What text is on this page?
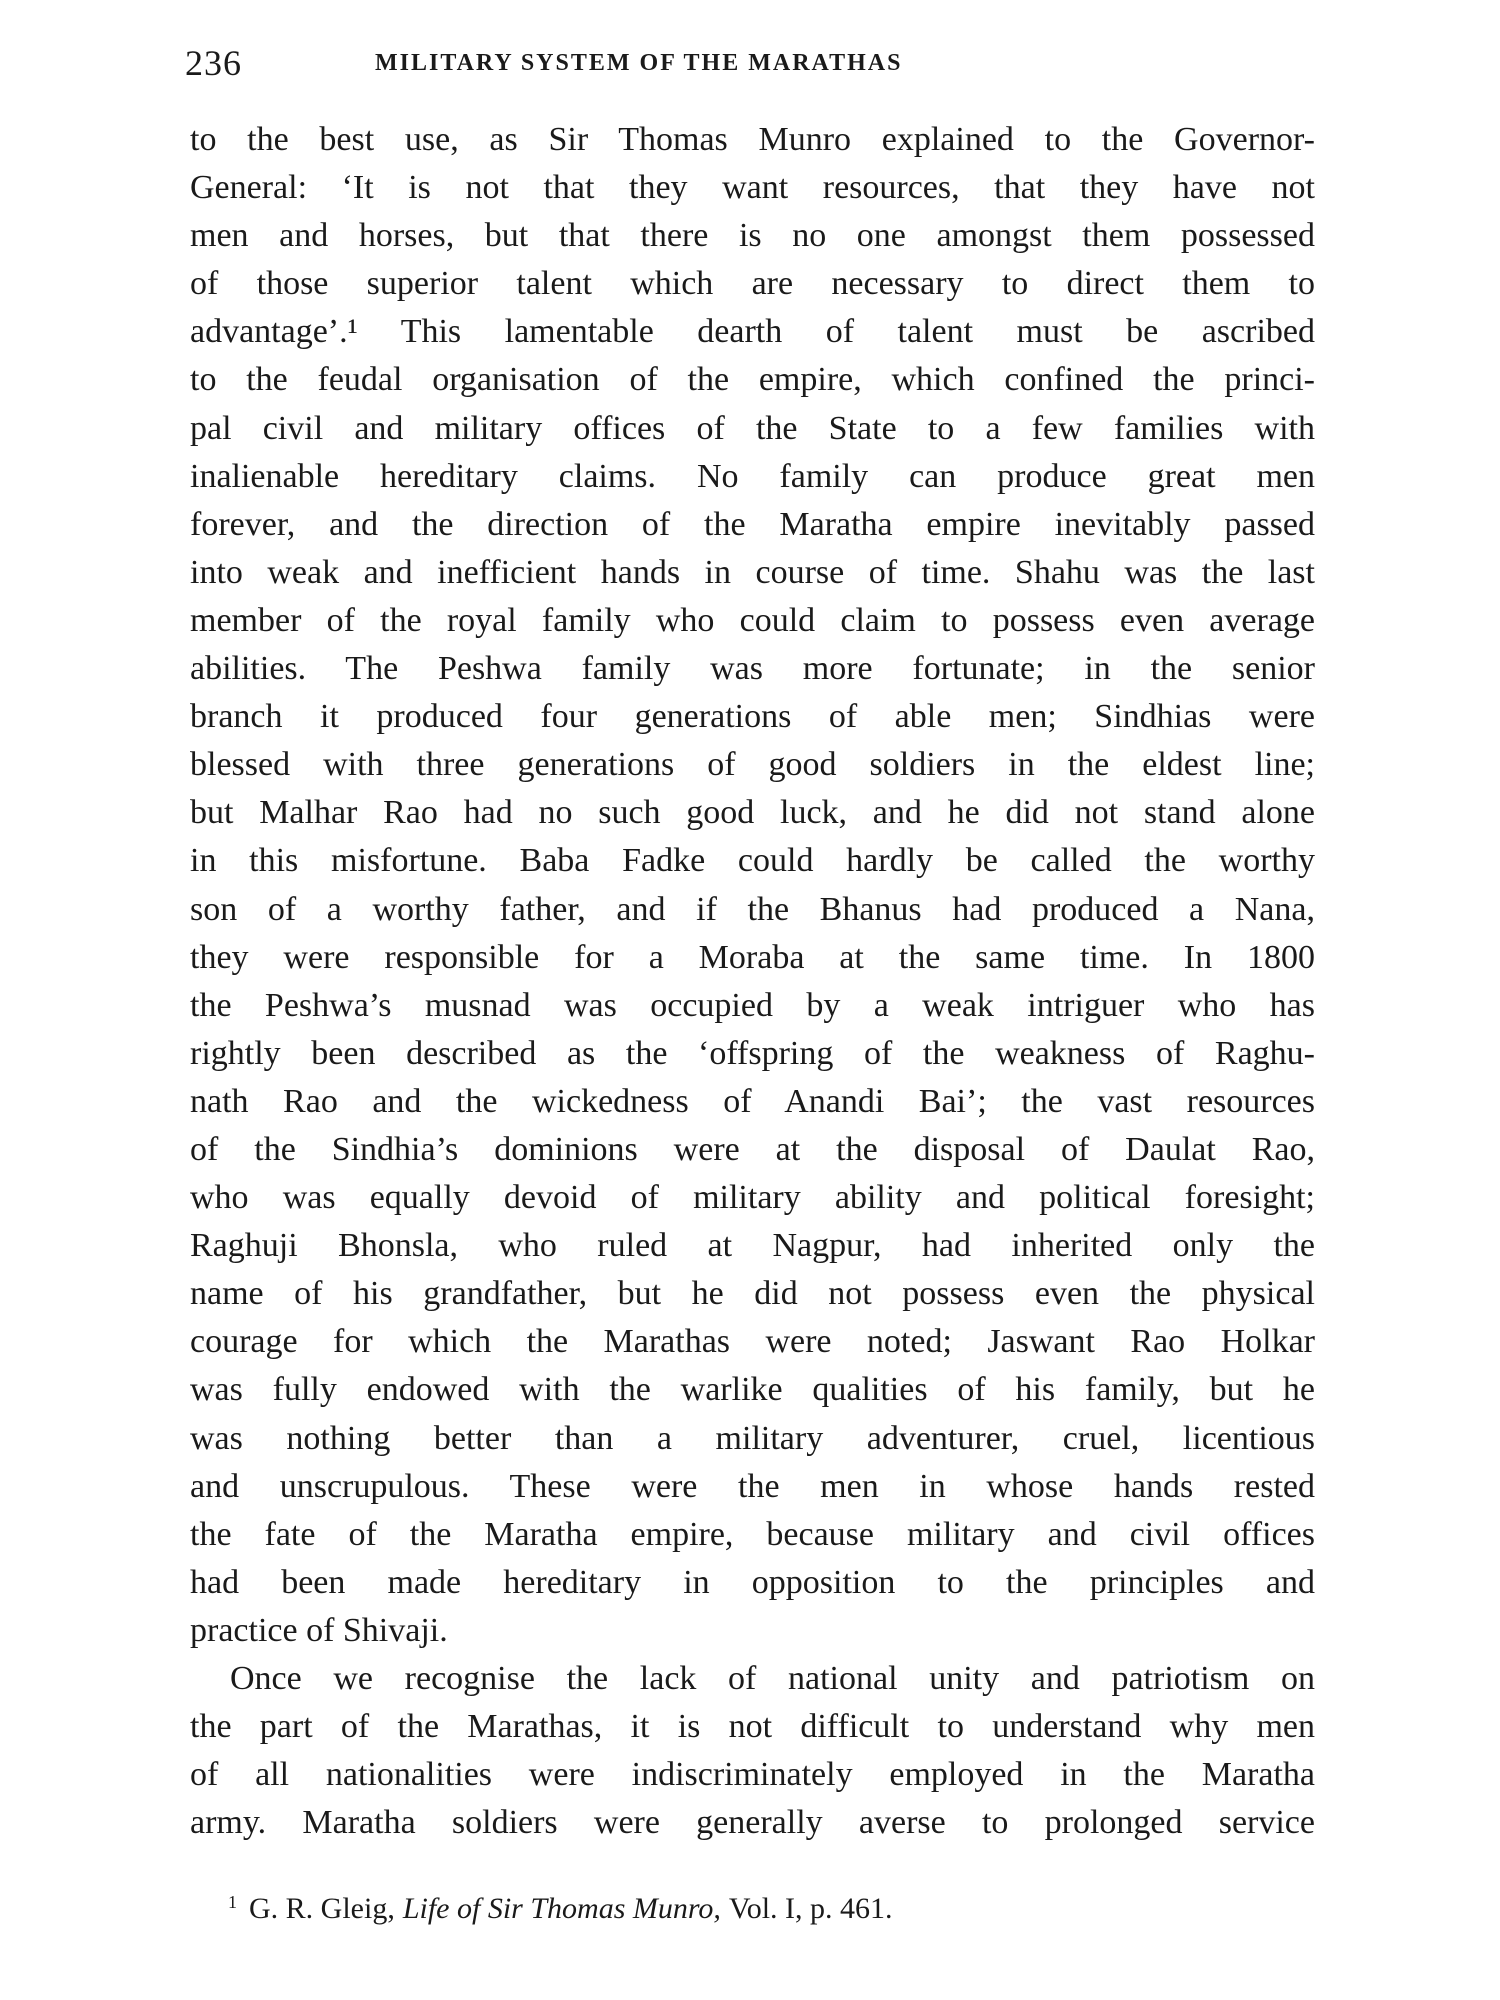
236	MILITARY SYSTEM OF THE MARATHAS
to the best use, as Sir Thomas Munro explained to the Governor-
General: ‘It is not that they want resources, that they have not
men and horses, but that there is no one amongst them possessed
of those superior talent which are necessary to direct them to
advantage’.¹ This lamentable dearth of talent must be ascribed
to the feudal organisation of the empire, which confined the princi-
pal civil and military offices of the State to a few families with
inalienable hereditary claims. No family can produce great men
forever, and the direction of the Maratha empire inevitably passed
into weak and inefficient hands in course of time. Shahu was the last
member of the royal family who could claim to possess even average
abilities. The Peshwa family was more fortunate; in the senior
branch it produced four generations of able men; Sindhias were
blessed with three generations of good soldiers in the eldest line;
but Malhar Rao had no such good luck, and he did not stand alone
in this misfortune. Baba Fadke could hardly be called the worthy
son of a worthy father, and if the Bhanus had produced a Nana,
they were responsible for a Moraba at the same time. In 1800
the Peshwa’s musnad was occupied by a weak intriguer who has
rightly been described as the ‘offspring of the weakness of Raghu-
nath Rao and the wickedness of Anandi Bai’; the vast resources
of the Sindhia’s dominions were at the disposal of Daulat Rao,
who was equally devoid of military ability and political foresight;
Raghuji Bhonsla, who ruled at Nagpur, had inherited only the
name of his grandfather, but he did not possess even the physical
courage for which the Marathas were noted; Jaswant Rao Holkar
was fully endowed with the warlike qualities of his family, but he
was nothing better than a military adventurer, cruel, licentious
and unscrupulous. These were the men in whose hands rested
the fate of the Maratha empire, because military and civil offices
had been made hereditary in opposition to the principles and
practice of Shivaji.
Once we recognise the lack of national unity and patriotism on
the part of the Marathas, it is not difficult to understand why men
of all nationalities were indiscriminately employed in the Maratha
army. Maratha soldiers were generally averse to prolonged service
$^1$ G. R. Gleig, Life of Sir Thomas Munro, Vol. I, p. 461.
